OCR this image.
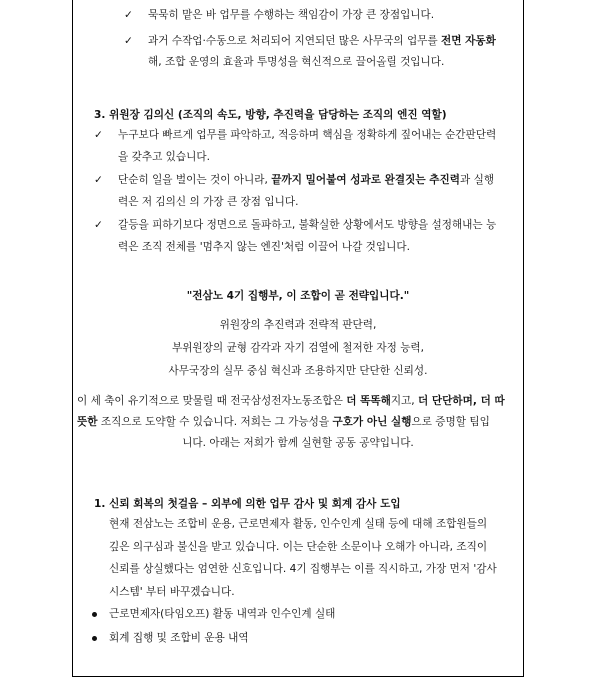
✓ 묵묵히 맡은 바 업무를 수행하는 책임감이 가장 큰 장점입니다.
✓ 과거 수작업·수동으로 처리되어 지연되던 많은 사무국의 업무를 전면 자동화
해, 조합 운영의 효율과 투명성을 혁신적으로 끌어올릴 것입니다.
3. 위원장 김의신 (조직의 속도, 방향, 추진력을 담당하는 조직의 엔진 역할)
✓ 누구보다 빠르게 업무를 파악하고, 적응하며 핵심을 정확하게 짚어내는 순간판단력
을 갖추고 있습니다.
✓ 단순히 일을 벌이는 것이 아니라, 끝까지 밀어붙여 성과로 완결짓는 추진력과 실행
력은 저 김의신 의 가장 큰 장점 입니다.
✓ 갈등을 피하기보다 정면으로 돌파하고, 불확실한 상황에서도 방향을 설정해내는 능
력은 조직 전체를 '멈추지 않는 엔진'처럼 이끌어 나갈 것입니다.
"전삼노 4기 집행부, 이 조합이 곧 전략입니다."
위원장의 추진력과 전략적 판단력,
부위원장의 균형 감각과 자기 검열에 철저한 자정 능력,
사무국장의 실무 중심 혁신과 조용하지만 단단한 신뢰성.
이 세 축이 유기적으로 맞물릴 때 전국삼성전자노동조합은 더 똑똑해지고, 더 단단하며, 더 따
뜻한 조직으로 도약할 수 있습니다. 저희는 그 가능성을 구호가 아닌 실행으로 증명할 팀입
니다. 아래는 저희가 함께 실현할 공동 공약입니다.
1. 신뢰 회복의 첫걸음 – 외부에 의한 업무 감사 및 회계 감사 도입
현재 전삼노는 조합비 운용, 근로면제자 활동, 인수인계 실태 등에 대해 조합원들의
깊은 의구심과 불신을 받고 있습니다. 이는 단순한 소문이나 오해가 아니라, 조직이
신뢰를 상실했다는 엄연한 신호입니다. 4기 집행부는 이를 직시하고, 가장 먼저 '감사
시스템' 부터 바꾸겠습니다.
근로면제자(타임오프) 활동 내역과 인수인계 실태
회계 집행 및 조합비 운용 내역
